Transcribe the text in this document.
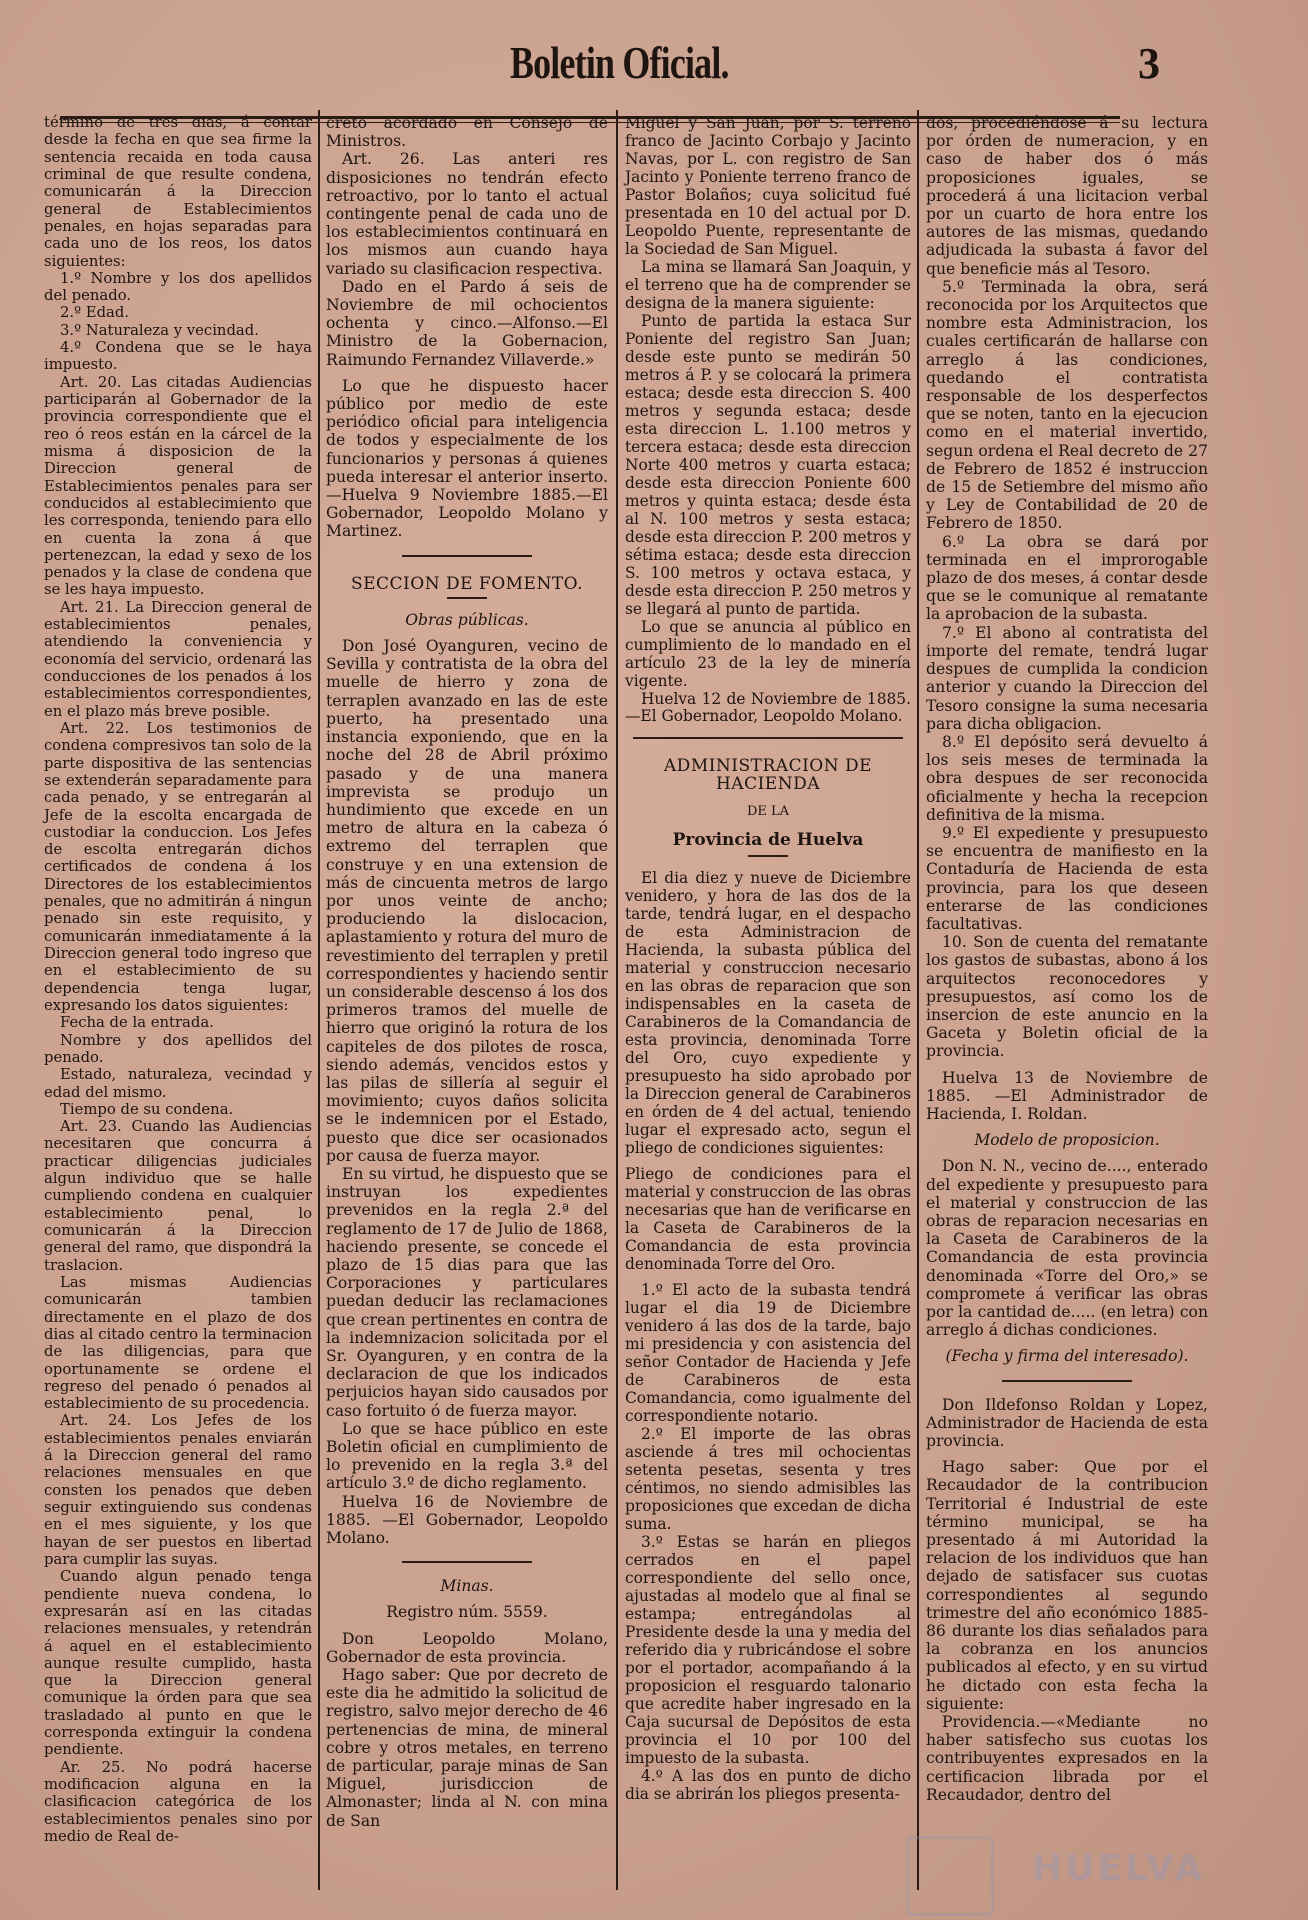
Boletin Oficial.	3

término de tres dias, á contar desde la fecha en que sea firme la sentencia recaida en toda causa criminal de que resulte condena, comunicarán á la Direccion general de Establecimientos penales, en hojas separadas para cada uno de los reos, los datos siguientes:

1.º Nombre y los dos apellidos del penado.

2.º Edad.

3.º Naturaleza y vecindad.

4.º Condena que se le haya impuesto.

Art. 20. Las citadas Audiencias participarán al Gobernador de la provincia correspondiente que el reo ó reos están en la cárcel de la misma á disposicion de la Direccion general de Establecimientos penales para ser conducidos al establecimiento que les corresponda, teniendo para ello en cuenta la zona á que pertenezcan, la edad y sexo de los penados y la clase de condena que se les haya impuesto.

Art. 21. La Direccion general de establecimientos penales, atendiendo la conveniencia y economía del servicio, ordenará las conducciones de los penados á los establecimientos correspondientes, en el plazo más breve posible.

Art. 22. Los testimonios de condena compresivos tan solo de la parte dispositiva de las sentencias se extenderán separadamente para cada penado, y se entregarán al Jefe de la escolta encargada de custodiar la conduccion. Los Jefes de escolta entregarán dichos certificados de condena á los Directores de los establecimientos penales, que no admitirán á ningun penado sin este requisito, y comunicarán inmediatamente á la Direccion general todo ingreso que en el establecimiento de su dependencia tenga lugar, expresando los datos siguientes:

Fecha de la entrada.

Nombre y dos apellidos del penado.

Estado, naturaleza, vecindad y edad del mismo.

Tiempo de su condena.

Art. 23. Cuando las Audiencias necesitaren que concurra á practicar diligencias judiciales algun individuo que se halle cumpliendo condena en cualquier establecimiento penal, lo comunicarán á la Direccion general del ramo, que dispondrá la traslacion.

Las mismas Audiencias comunicarán tambien directamente en el plazo de dos dias al citado centro la terminacion de las diligencias, para que oportunamente se ordene el regreso del penado ó penados al establecimiento de su procedencia.

Art. 24. Los Jefes de los establecimientos penales enviarán á la Direccion general del ramo relaciones mensuales en que consten los penados que deben seguir extinguiendo sus condenas en el mes siguiente, y los que hayan de ser puestos en libertad para cumplir las suyas.

Cuando algun penado tenga pendiente nueva condena, lo expresarán así en las citadas relaciones mensuales, y retendrán á aquel en el establecimiento aunque resulte cumplido, hasta que la Direccion general comunique la órden para que sea trasladado al punto en que le corresponda extinguir la condena pendiente.

Ar. 25. No podrá hacerse modificacion alguna en la clasificacion categórica de los establecimientos penales sino por medio de Real de-

creto acordado en Consejo de Ministros.

Art. 26. Las anteri res disposiciones no tendrán efecto retroactivo, por lo tanto el actual contingente penal de cada uno de los establecimientos continuará en los mismos aun cuando haya variado su clasificacion respectiva.

Dado en el Pardo á seis de Noviembre de mil ochocientos ochenta y cinco.—Alfonso.—El Ministro de la Gobernacion, Raimundo Fernandez Villaverde.»

Lo que he dispuesto hacer público por medio de este periódico oficial para inteligencia de todos y especialmente de los funcionarios y personas á quienes pueda interesar el anterior inserto.—Huelva 9 Noviembre 1885.—El Gobernador, Leopoldo Molano y Martinez.

SECCION DE FOMENTO.

Obras públicas.

Don José Oyanguren, vecino de Sevilla y contratista de la obra del muelle de hierro y zona de terraplen avanzado en las de este puerto, ha presentado una instancia exponiendo, que en la noche del 28 de Abril próximo pasado y de una manera imprevista se produjo un hundimiento que excede en un metro de altura en la cabeza ó extremo del terraplen que construye y en una extension de más de cincuenta metros de largo por unos veinte de ancho; produciendo la dislocacion, aplastamiento y rotura del muro de revestimiento del terraplen y pretil correspondientes y haciendo sentir un considerable descenso á los dos primeros tramos del muelle de hierro que originó la rotura de los capiteles de dos pilotes de rosca, siendo además, vencidos estos y las pilas de sillería al seguir el movimiento; cuyos daños solicita se le indemnicen por el Estado, puesto que dice ser ocasionados por causa de fuerza mayor.

En su virtud, he dispuesto que se instruyan los expedientes prevenidos en la regla 2.ª del reglamento de 17 de Julio de 1868, haciendo presente, se concede el plazo de 15 dias para que las Corporaciones y particulares puedan deducir las reclamaciones que crean pertinentes en contra de la indemnizacion solicitada por el Sr. Oyanguren, y en contra de la declaracion de que los indicados perjuicios hayan sido causados por caso fortuito ó de fuerza mayor.

Lo que se hace público en este Boletin oficial en cumplimiento de lo prevenido en la regla 3.ª del artículo 3.º de dicho reglamento.

Huelva 16 de Noviembre de 1885. —El Gobernador, Leopoldo Molano.

Minas.

Registro núm. 5559.

Don Leopoldo Molano, Gobernador de esta provincia.

Hago saber: Que por decreto de este dia he admitido la solicitud de registro, salvo mejor derecho de 46 pertenencias de mina, de mineral cobre y otros metales, en terreno de particular, paraje minas de San Miguel, jurisdiccion de Almonaster; linda al N. con mina de San

Miguel y San Juan, por S. terreno franco de Jacinto Corbajo y Jacinto Navas, por L. con registro de San Jacinto y Poniente terreno franco de Pastor Bolaños; cuya solicitud fué presentada en 10 del actual por D. Leopoldo Puente, representante de la Sociedad de San Miguel.

La mina se llamará San Joaquin, y el terreno que ha de comprender se designa de la manera siguiente:

Punto de partida la estaca Sur Poniente del registro San Juan; desde este punto se medirán 50 metros á P. y se colocará la primera estaca; desde esta direccion S. 400 metros y segunda estaca; desde esta direccion L. 1.100 metros y tercera estaca; desde esta direccion Norte 400 metros y cuarta estaca; desde esta direccion Poniente 600 metros y quinta estaca; desde ésta al N. 100 metros y sesta estaca; desde esta direccion P. 200 metros y sétima estaca; desde esta direccion S. 100 metros y octava estaca, y desde esta direccion P. 250 metros y se llegará al punto de partida.

Lo que se anuncia al público en cumplimiento de lo mandado en el artículo 23 de la ley de minería vigente.

Huelva 12 de Noviembre de 1885. —El Gobernador, Leopoldo Molano.

ADMINISTRACION DE HACIENDA

DE LA

Provincia de Huelva

El dia diez y nueve de Diciembre venidero, y hora de las dos de la tarde, tendrá lugar, en el despacho de esta Administracion de Hacienda, la subasta pública del material y construccion necesario en las obras de reparacion que son indispensables en la caseta de Carabineros de la Comandancia de esta provincia, denominada Torre del Oro, cuyo expediente y presupuesto ha sido aprobado por la Direccion general de Carabineros en órden de 4 del actual, teniendo lugar el expresado acto, segun el pliego de condiciones siguientes:

Pliego de condiciones para el material y construccion de las obras necesarias que han de verificarse en la Caseta de Carabineros de la Comandancia de esta provincia denominada Torre del Oro.

1.º El acto de la subasta tendrá lugar el dia 19 de Diciembre venidero á las dos de la tarde, bajo mi presidencia y con asistencia del señor Contador de Hacienda y Jefe de Carabineros de esta Comandancia, como igualmente del correspondiente notario.

2.º El importe de las obras asciende á tres mil ochocientas setenta pesetas, sesenta y tres céntimos, no siendo admisibles las proposiciones que excedan de dicha suma.

3.º Estas se harán en pliegos cerrados en el papel correspondiente del sello once, ajustadas al modelo que al final se estampa; entregándolas al Presidente desde la una y media del referido dia y rubricándose el sobre por el portador, acompañando á la proposicion el resguardo talonario que acredite haber ingresado en la Caja sucursal de Depósitos de esta provincia el 10 por 100 del impuesto de la subasta.

4.º A las dos en punto de dicho dia se abrirán los pliegos presenta-

dos, procediéndose á su lectura por órden de numeracion, y en caso de haber dos ó más proposiciones iguales, se procederá á una licitacion verbal por un cuarto de hora entre los autores de las mismas, quedando adjudicada la subasta á favor del que beneficie más al Tesoro.

5.º Terminada la obra, será reconocida por los Arquitectos que nombre esta Administracion, los cuales certificarán de hallarse con arreglo á las condiciones, quedando el contratista responsable de los desperfectos que se noten, tanto en la ejecucion como en el material invertido, segun ordena el Real decreto de 27 de Febrero de 1852 é instruccion de 15 de Setiembre del mismo año y Ley de Contabilidad de 20 de Febrero de 1850.

6.º La obra se dará por terminada en el improrogable plazo de dos meses, á contar desde que se le comunique al rematante la aprobacion de la subasta.

7.º El abono al contratista del importe del remate, tendrá lugar despues de cumplida la condicion anterior y cuando la Direccion del Tesoro consigne la suma necesaria para dicha obligacion.

8.º El depósito será devuelto á los seis meses de terminada la obra despues de ser reconocida oficialmente y hecha la recepcion definitiva de la misma.

9.º El expediente y presupuesto se encuentra de manifiesto en la Contaduría de Hacienda de esta provincia, para los que deseen enterarse de las condiciones facultativas.

10. Son de cuenta del rematante los gastos de subastas, abono á los arquitectos reconocedores y presupuestos, así como los de insercion de este anuncio en la Gaceta y Boletin oficial de la provincia.

Huelva 13 de Noviembre de 1885. —El Administrador de Hacienda, I. Roldan.

Modelo de proposicion.

Don N. N., vecino de...., enterado del expediente y presupuesto para el material y construccion de las obras de reparacion necesarias en la Caseta de Carabineros de la Comandancia de esta provincia denominada «Torre del Oro,» se compromete á verificar las obras por la cantidad de..... (en letra) con arreglo á dichas condiciones.

(Fecha y firma del interesado).

Don Ildefonso Roldan y Lopez, Administrador de Hacienda de esta provincia.

Hago saber: Que por el Recaudador de la contribucion Territorial é Industrial de este término municipal, se ha presentado á mi Autoridad la relacion de los individuos que han dejado de satisfacer sus cuotas correspondientes al segundo trimestre del año económico 1885-86 durante los dias señalados para la cobranza en los anuncios publicados al efecto, y en su virtud he dictado con esta fecha la siguiente:

Providencia.—«Mediante no haber satisfecho sus cuotas los contribuyentes expresados en la certificacion librada por el Recaudador, dentro del

HUELVA
